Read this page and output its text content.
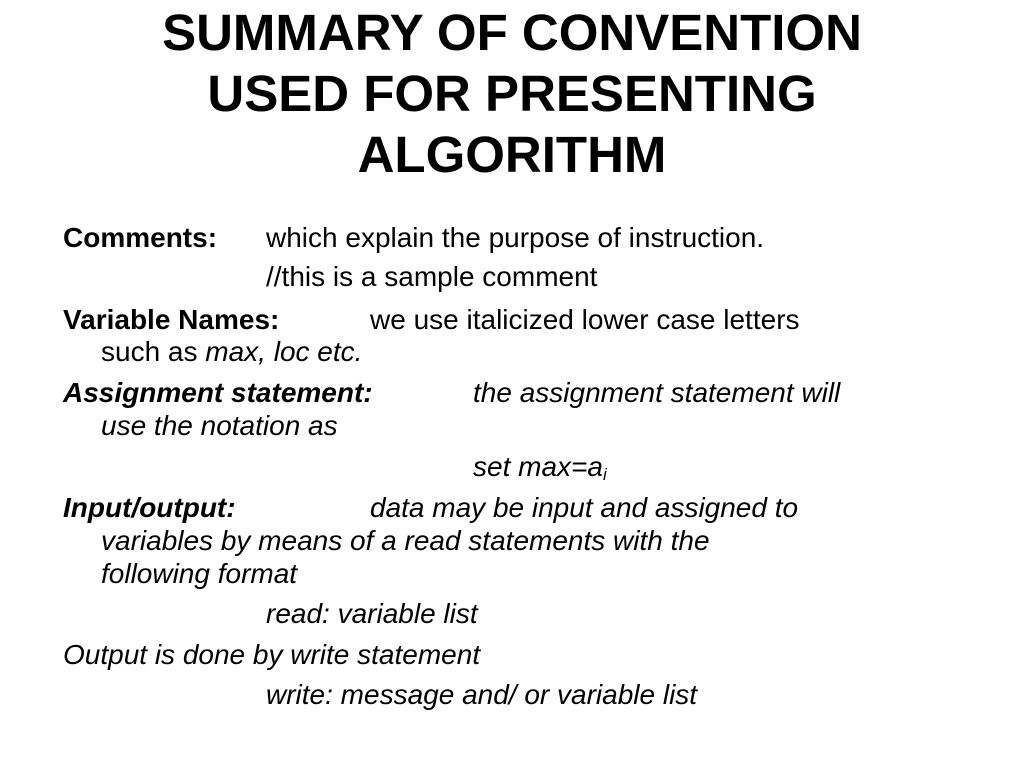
SUMMARY OF CONVENTION
USED FOR PRESENTING
ALGORITHM
Comments: which explain the purpose of instruction.
//this is a sample comment
Variable Names:	we use italicized lower case letters
such as max, loc etc.
Assignment statement:	the assignment statement will
use the notation as
set $\max=a_i$
Input/output:	data may be input and assigned to
variables by means of a read statements with the
following format
read: variable list
Output is done by write statement
write: message and/ or variable list
